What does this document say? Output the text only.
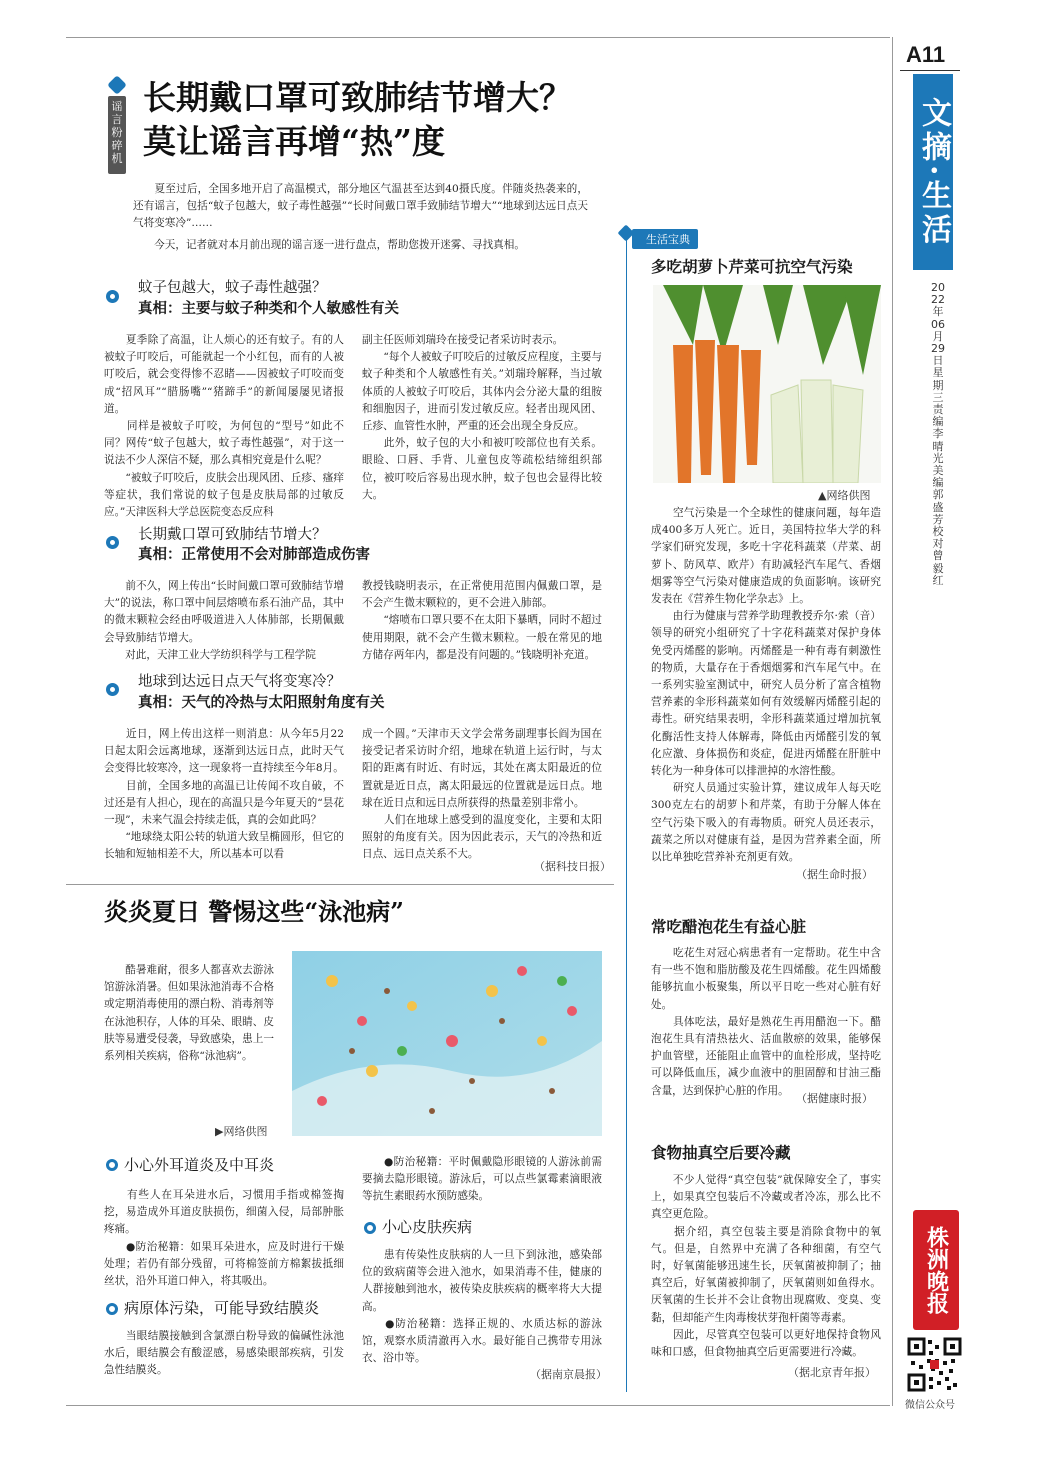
A11
文摘·生活
2022年06月29日 星期三 责编李晴光 美编郭盛芳 校对曾毅红
谣言粉碎机
长期戴口罩可致肺结节增大？
莫让谣言再增“热”度
　　夏至过后，全国多地开启了高温模式，部分地区气温甚至达到40摄氏度。伴随炎热袭来的，还有谣言，包括“蚊子包越大，蚊子毒性越强”“长时间戴口罩手致肺结节增大”“地球到达远日点天气将变寒冷”……
　　今天，记者就对本月前出现的谣言逐一进行盘点，帮助您拨开迷雾、寻找真相。
蚊子包越大，蚊子毒性越强？
真相：主要与蚊子种类和个人敏感性有关
　　夏季除了高温，让人烦心的还有蚊子。有的人被蚊子叮咬后，可能就起一个小红包，而有的人被叮咬后，就会变得惨不忍睹——因被蚊子叮咬而变成“招风耳”“腊肠嘴”“猪蹄手”的新闻屡屡见诸报道。
　　同样是被蚊子叮咬，为何包的“型号”如此不同？网传“蚊子包越大，蚊子毒性越强”，对于这一说法不少人深信不疑，那么真相究竟是什么呢？
　　“被蚊子叮咬后，皮肤会出现风团、丘疹、瘙痒等症状，我们常说的蚊子包是皮肤局部的过敏反应。”天津医科大学总医院变态反应科
副主任医师刘瑞玲在接受记者采访时表示。
　　“每个人被蚊子叮咬后的过敏反应程度，主要与蚊子种类和个人敏感性有关。”刘瑞玲解释，当过敏体质的人被蚊子叮咬后，其体内会分泌大量的组胺和细胞因子，进而引发过敏反应。轻者出现风团、丘疹、血管性水肿，严重的还会出现全身反应。
　　此外，蚊子包的大小和被叮咬部位也有关系。眼睑、口唇、手背、儿童包皮等疏松结缔组织部位，被叮咬后容易出现水肿，蚊子包也会显得比较大。
长期戴口罩可致肺结节增大？
真相：正常使用不会对肺部造成伤害
　　前不久，网上传出“长时间戴口罩可致肺结节增大”的说法，称口罩中间层熔喷布系石油产品，其中的微末颗粒会经由呼吸道进入人体肺部，长期佩戴会导致肺结节增大。
　　对此，天津工业大学纺织科学与工程学院
教授钱晓明表示，在正常使用范围内佩戴口罩，是不会产生微末颗粒的，更不会进入肺部。
　　“熔喷布口罩只要不在太阳下暴晒，同时不超过使用期限，就不会产生微末颗粒。一般在常见的地方储存两年内，都是没有问题的。”钱晓明补充道。
地球到达远日点天气将变寒冷？
真相：天气的冷热与太阳照射角度有关
　　近日，网上传出这样一则消息：从今年5月22日起太阳会远离地球，逐渐到达远日点，此时天气会变得比较寒冷，这一现象将一直持续至今年8月。
　　目前，全国多地的高温已让传闻不攻自破，不过还是有人担心，现在的高温只是今年夏天的“昙花一现”，未来气温会持续走低，真的会如此吗？
　　“地球绕太阳公转的轨道大致呈椭圆形，但它的长轴和短轴相差不大，所以基本可以看
成一个圆。”天津市天文学会常务副理事长阎为国在接受记者采访时介绍，地球在轨道上运行时，与太阳的距离有时近、有时远，其处在离太阳最近的位置就是近日点，离太阳最远的位置就是远日点。地球在近日点和远日点所获得的热量差别非常小。
　　人们在地球上感受到的温度变化，主要和太阳照射的角度有关。因为因此表示，天气的冷热和近日点、远日点关系不大。
（据科技日报）
炎炎夏日 警惕这些“泳池病”
　　酷暑难耐，很多人都喜欢去游泳馆游泳消暑。但如果泳池消毒不合格或定期消毒使用的漂白粉、消毒剂等在泳池积存，人体的耳朵、眼睛、皮肤等易遭受侵袭，导致感染，患上一系列相关疾病，俗称“泳池病”。
▶网络供图
小心外耳道炎及中耳炎
　　有些人在耳朵进水后，习惯用手指或棉签掏挖，易造成外耳道皮肤损伤，细菌入侵，局部肿胀疼痛。
　　●防治秘籍：如果耳朵进水，应及时进行干燥处理；若仍有部分残留，可将棉签前方棉絮拔抵细丝状，沿外耳道口伸入，将其吸出。
病原体污染，可能导致结膜炎
　　当眼结膜接触到含氯漂白粉导致的偏碱性泳池水后，眼结膜会有酸涩感，易感染眼部疾病，引发急性结膜炎。
　　●防治秘籍：平时佩戴隐形眼镜的人游泳前需要摘去隐形眼镜。游泳后，可以点些氯霉素滴眼液等抗生素眼药水预防感染。
小心皮肤疾病
　　患有传染性皮肤病的人一旦下到泳池，感染部位的致病菌等会进入池水，如果消毒不佳，健康的人群接触到池水，被传染皮肤疾病的概率将大大提高。
　　●防治秘籍：选择正规的、水质达标的游泳馆，观察水质清澈再入水。最好能自己携带专用泳衣、浴巾等。
（据南京晨报）
生活宝典
多吃胡萝卜芹菜可抗空气污染
▲网络供图
　　空气污染是一个全球性的健康问题，每年造成400多万人死亡。近日，美国特拉华大学的科学家们研究发现，多吃十字花科蔬菜（芹菜、胡萝卜、防风草、欧芹）有助减轻汽车尾气、香烟烟雾等空气污染对健康造成的负面影响。该研究发表在《营养生物化学杂志》上。
　　由行为健康与营养学助理教授乔尔·索（音）领导的研究小组研究了十字花科蔬菜对保护身体免受丙烯醛的影响。丙烯醛是一种有毒有刺激性的物质，大量存在于香烟烟雾和汽车尾气中。在一系列实验室测试中，研究人员分析了富含植物营养素的伞形科蔬菜如何有效缓解丙烯醛引起的毒性。研究结果表明，伞形科蔬菜通过增加抗氧化酶活性支持人体解毒，降低由丙烯醛引发的氧化应激、身体损伤和炎症，促进丙烯醛在肝脏中转化为一种身体可以排泄掉的水溶性酸。
　　研究人员通过实验计算，建议成年人每天吃300克左右的胡萝卜和芹菜，有助于分解人体在空气污染下吸入的有毒物质。研究人员还表示，蔬菜之所以对健康有益，是因为营养素全面，所以比单独吃营养补充剂更有效。
（据生命时报）
常吃醋泡花生有益心脏
　　吃花生对冠心病患者有一定帮助。花生中含有一些不饱和脂肪酸及花生四烯酸。花生四烯酸能够抗血小板聚集，所以平日吃一些对心脏有好处。
　　具体吃法，最好是熟花生再用醋泡一下。醋泡花生具有清热祛火、活血散瘀的效果，能够保护血管壁，还能阻止血管中的血栓形成，坚持吃可以降低血压，减少血液中的胆固醇和甘油三酯含量，达到保护心脏的作用。
（据健康时报）
食物抽真空后要冷藏
　　不少人觉得“真空包装”就保障安全了，事实上，如果真空包装后不冷藏或者冷冻，那么比不真空更危险。
　　据介绍，真空包装主要是消除食物中的氧气。但是，自然界中充满了各种细菌，有空气时，好氧菌能够迅速生长，厌氧菌被抑制了；抽真空后，好氧菌被抑制了，厌氧菌则如鱼得水。厌氧菌的生长并不会让食物出现腐败、变臭、变黏，但却能产生肉毒梭状芽孢杆菌等毒素。
　　因此，尽管真空包装可以更好地保持食物风味和口感，但食物抽真空后更需要进行冷藏。
（据北京青年报）
株洲晚报
微信公众号
